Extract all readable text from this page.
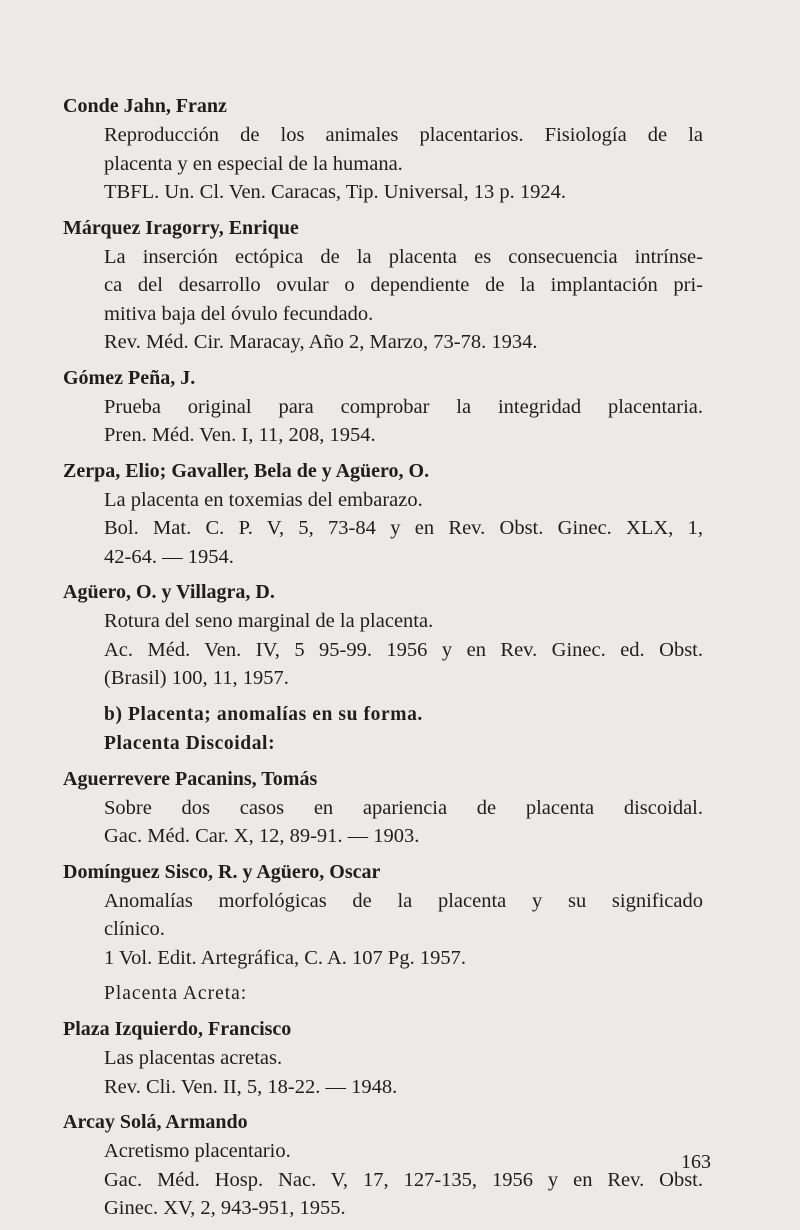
Conde Jahn, Franz
Reproducción de los animales placentarios. Fisiología de la
placenta y en especial de la humana.
TBFL. Un. Cl. Ven. Caracas, Tip. Universal, 13 p. 1924.
Márquez Iragorry, Enrique
La inserción ectópica de la placenta es consecuencia intrínse-
ca del desarrollo ovular o dependiente de la implantación pri-
mitiva baja del óvulo fecundado.
Rev. Méd. Cir. Maracay, Año 2, Marzo, 73-78. 1934.
Gómez Peña, J.
Prueba original para comprobar la integridad placentaria.
Pren. Méd. Ven. I, 11, 208, 1954.
Zerpa, Elio; Gavaller, Bela de y Agüero, O.
La placenta en toxemias del embarazo.
Bol. Mat. C. P. V, 5, 73-84 y en Rev. Obst. Ginec. XLX, 1,
42-64. — 1954.
Agüero, O. y Villagra, D.
Rotura del seno marginal de la placenta.
Ac. Méd. Ven. IV, 5 95-99. 1956 y en Rev. Ginec. ed. Obst.
(Brasil) 100, 11, 1957.
b) Placenta; anomalías en su forma.
Placenta Discoidal:
Aguerrevere Pacanins, Tomás
Sobre dos casos en apariencia de placenta discoidal.
Gac. Méd. Car. X, 12, 89-91. — 1903.
Domínguez Sisco, R. y Agüero, Oscar
Anomalías morfológicas de la placenta y su significado
clínico.
1 Vol. Edit. Artegráfica, C. A. 107 Pg. 1957.
Placenta Acreta:
Plaza Izquierdo, Francisco
Las placentas acretas.
Rev. Cli. Ven. II, 5, 18-22. — 1948.
Arcay Solá, Armando
Acretismo placentario.
Gac. Méd. Hosp. Nac. V, 17, 127-135, 1956 y en Rev. Obst.
Ginec. XV, 2, 943-951, 1955.
163
